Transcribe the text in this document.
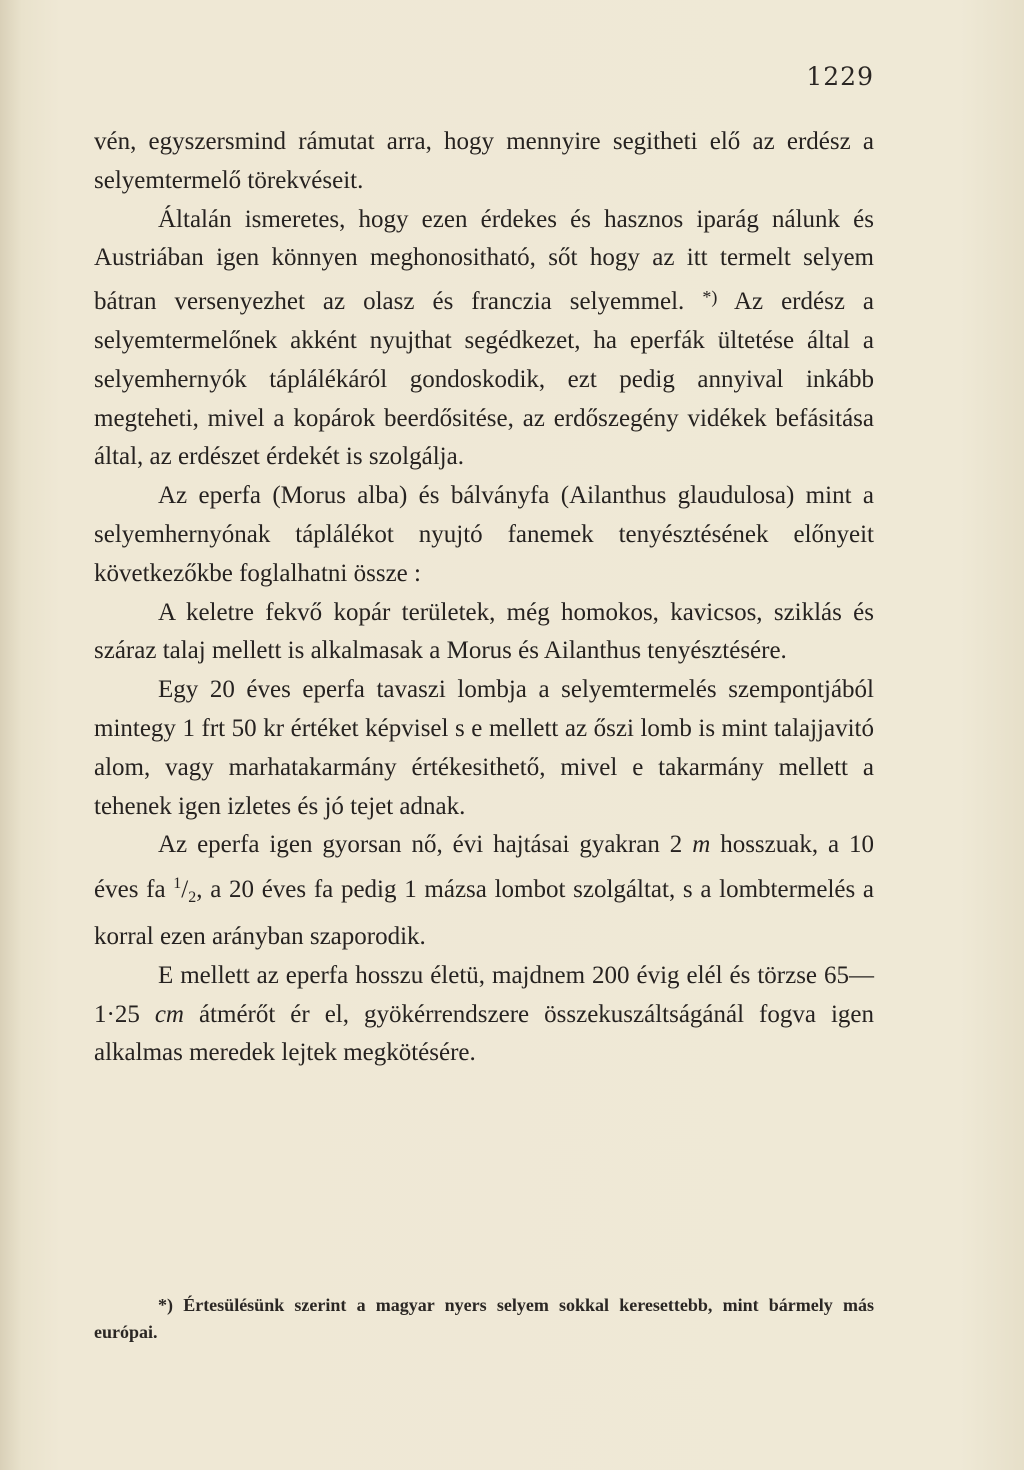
1229

vén, egyszersmind rámutat arra, hogy mennyire segitheti elő az erdész a selyemtermelő törekvéseit.

Általán ismeretes, hogy ezen érdekes és hasznos iparág nálunk és Austriában igen könnyen meghonositható, sőt hogy az itt termelt selyem bátran versenyezhet az olasz és franczia selyemmel. *) Az erdész a selyemtermelőnek akként nyujthat segédkezet, ha eperfák ültetése által a selyemhernyók táplálékáról gondoskodik, ezt pedig annyival inkább megteheti, mivel a kopárok beerdősitése, az erdőszegény vidékek befásitása által, az erdészet érdekét is szolgálja.

Az eperfa (Morus alba) és bálványfa (Ailanthus glaudulosa) mint a selyemhernyónak táplálékot nyujtó fanemek tenyésztésének előnyeit következőkbe foglalhatni össze :

A keletre fekvő kopár területek, még homokos, kavicsos, sziklás és száraz talaj mellett is alkalmasak a Morus és Ailanthus tenyésztésére.

Egy 20 éves eperfa tavaszi lombja a selyemtermelés szempontjából mintegy 1 frt 50 kr értéket képvisel s e mellett az őszi lomb is mint talajjavitó alom, vagy marhatakarmány értékesithető, mivel e takarmány mellett a tehenek igen izletes és jó tejet adnak.

Az eperfa igen gyorsan nő, évi hajtásai gyakran 2 m hosszuak, a 10 éves fa $^1/_2$, a 20 éves fa pedig 1 mázsa lombot szolgáltat, s a lombtermelés a korral ezen arányban szaporodik.

E mellett az eperfa hosszu életü, majdnem 200 évig elél és törzse 65—1·25 cm átmérőt ér el, gyökérrendszere összekuszáltságánál fogva igen alkalmas meredek lejtek megkötésére.

*) Értesülésünk szerint a magyar nyers selyem sokkal keresettebb, mint bármely más európai.
